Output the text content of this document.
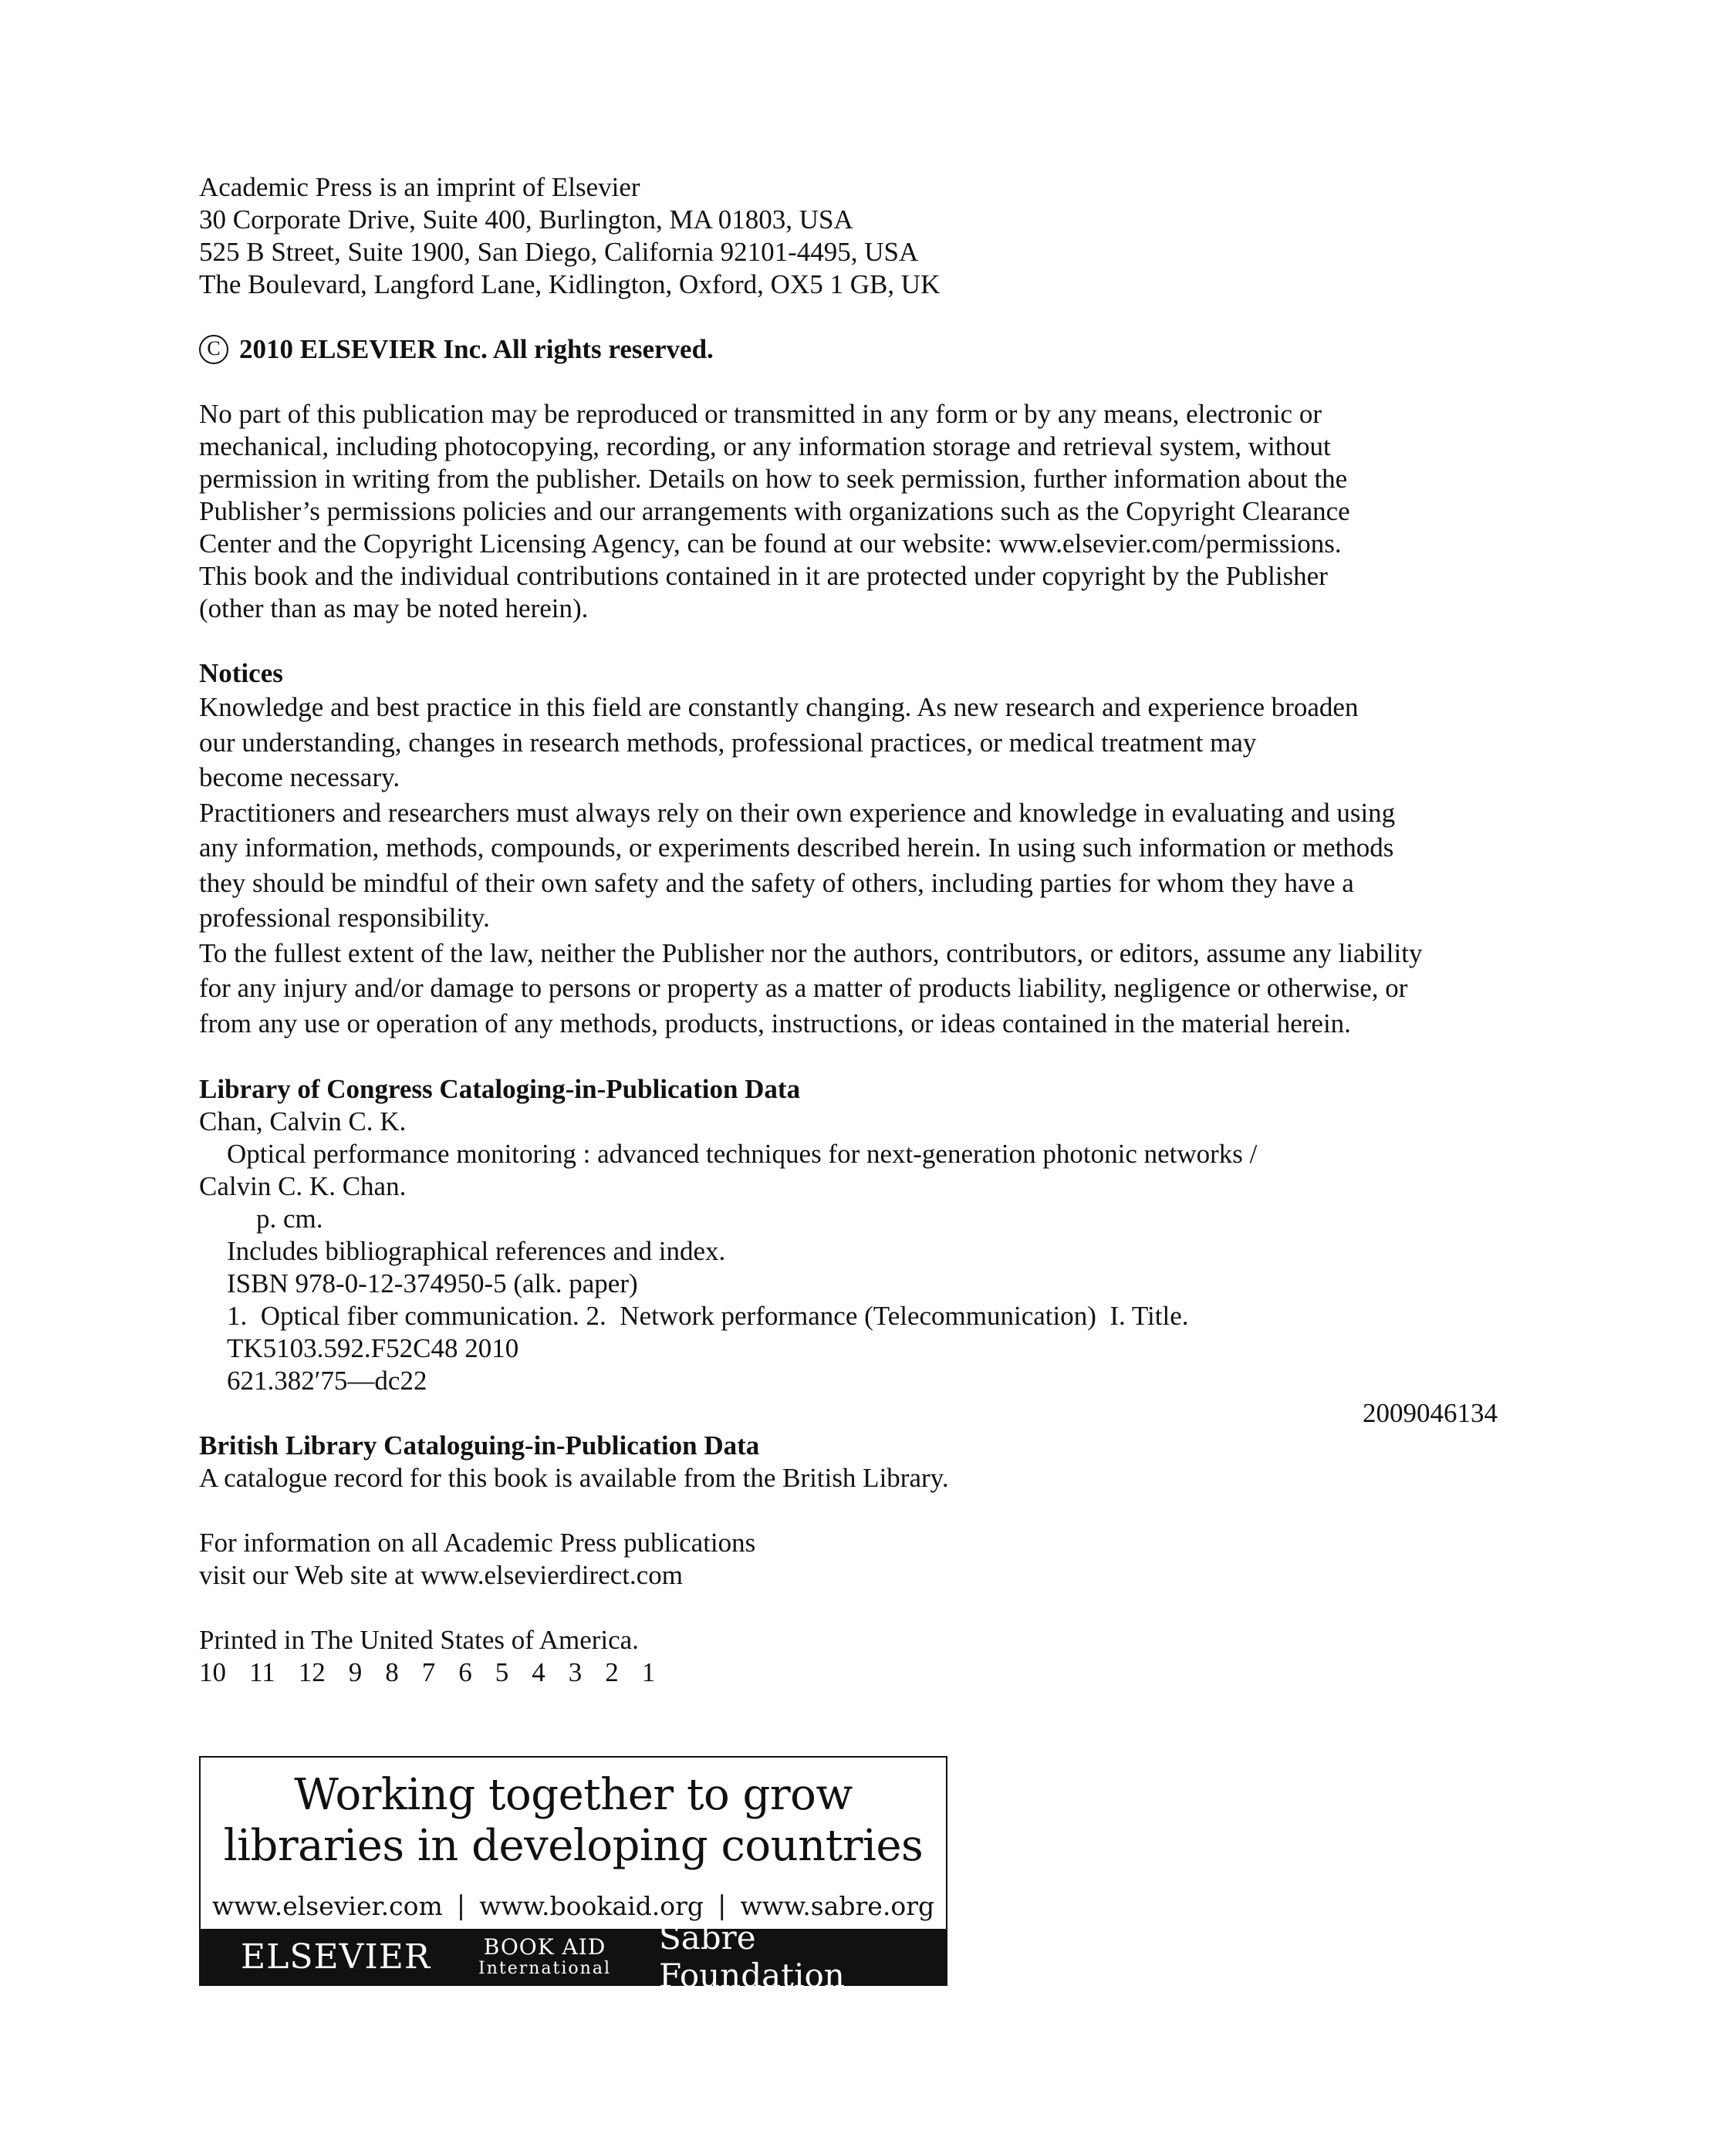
Academic Press is an imprint of Elsevier
30 Corporate Drive, Suite 400, Burlington, MA 01803, USA
525 B Street, Suite 1900, San Diego, California 92101-4495, USA
The Boulevard, Langford Lane, Kidlington, Oxford, OX5 1 GB, UK
C 2010 ELSEVIER Inc. All rights reserved.
No part of this publication may be reproduced or transmitted in any form or by any means, electronic or
mechanical, including photocopying, recording, or any information storage and retrieval system, without
permission in writing from the publisher. Details on how to seek permission, further information about the
Publisher’s permissions policies and our arrangements with organizations such as the Copyright Clearance
Center and the Copyright Licensing Agency, can be found at our website: www.elsevier.com/permissions.
This book and the individual contributions contained in it are protected under copyright by the Publisher
(other than as may be noted herein).
Notices
Knowledge and best practice in this field are constantly changing. As new research and experience broaden
our understanding, changes in research methods, professional practices, or medical treatment may
become necessary.
Practitioners and researchers must always rely on their own experience and knowledge in evaluating and using
any information, methods, compounds, or experiments described herein. In using such information or methods
they should be mindful of their own safety and the safety of others, including parties for whom they have a
professional responsibility.
To the fullest extent of the law, neither the Publisher nor the authors, contributors, or editors, assume any liability
for any injury and/or damage to persons or property as a matter of products liability, negligence or otherwise, or
from any use or operation of any methods, products, instructions, or ideas contained in the material herein.
Library of Congress Cataloging-in-Publication Data
Chan, Calvin C. K.
Optical performance monitoring : advanced techniques for next-generation photonic networks /
Calvin C. K. Chan.
p. cm.
Includes bibliographical references and index.
ISBN 978-0-12-374950-5 (alk. paper)
1.  Optical fiber communication. 2.  Network performance (Telecommunication)  I. Title.
TK5103.592.F52C48 2010
621.382′75—dc22
2009046134
British Library Cataloguing-in-Publication Data
A catalogue record for this book is available from the British Library.
For information on all Academic Press publications
visit our Web site at www.elsevierdirect.com
Printed in The United States of America.
10 11 12 9 8 7 6 5 4 3 2 1
Working together to grow
libraries in developing countries
www.elsevier.com | www.bookaid.org | www.sabre.org
ELSEVIER BOOK AID
International
Sabre Foundation
